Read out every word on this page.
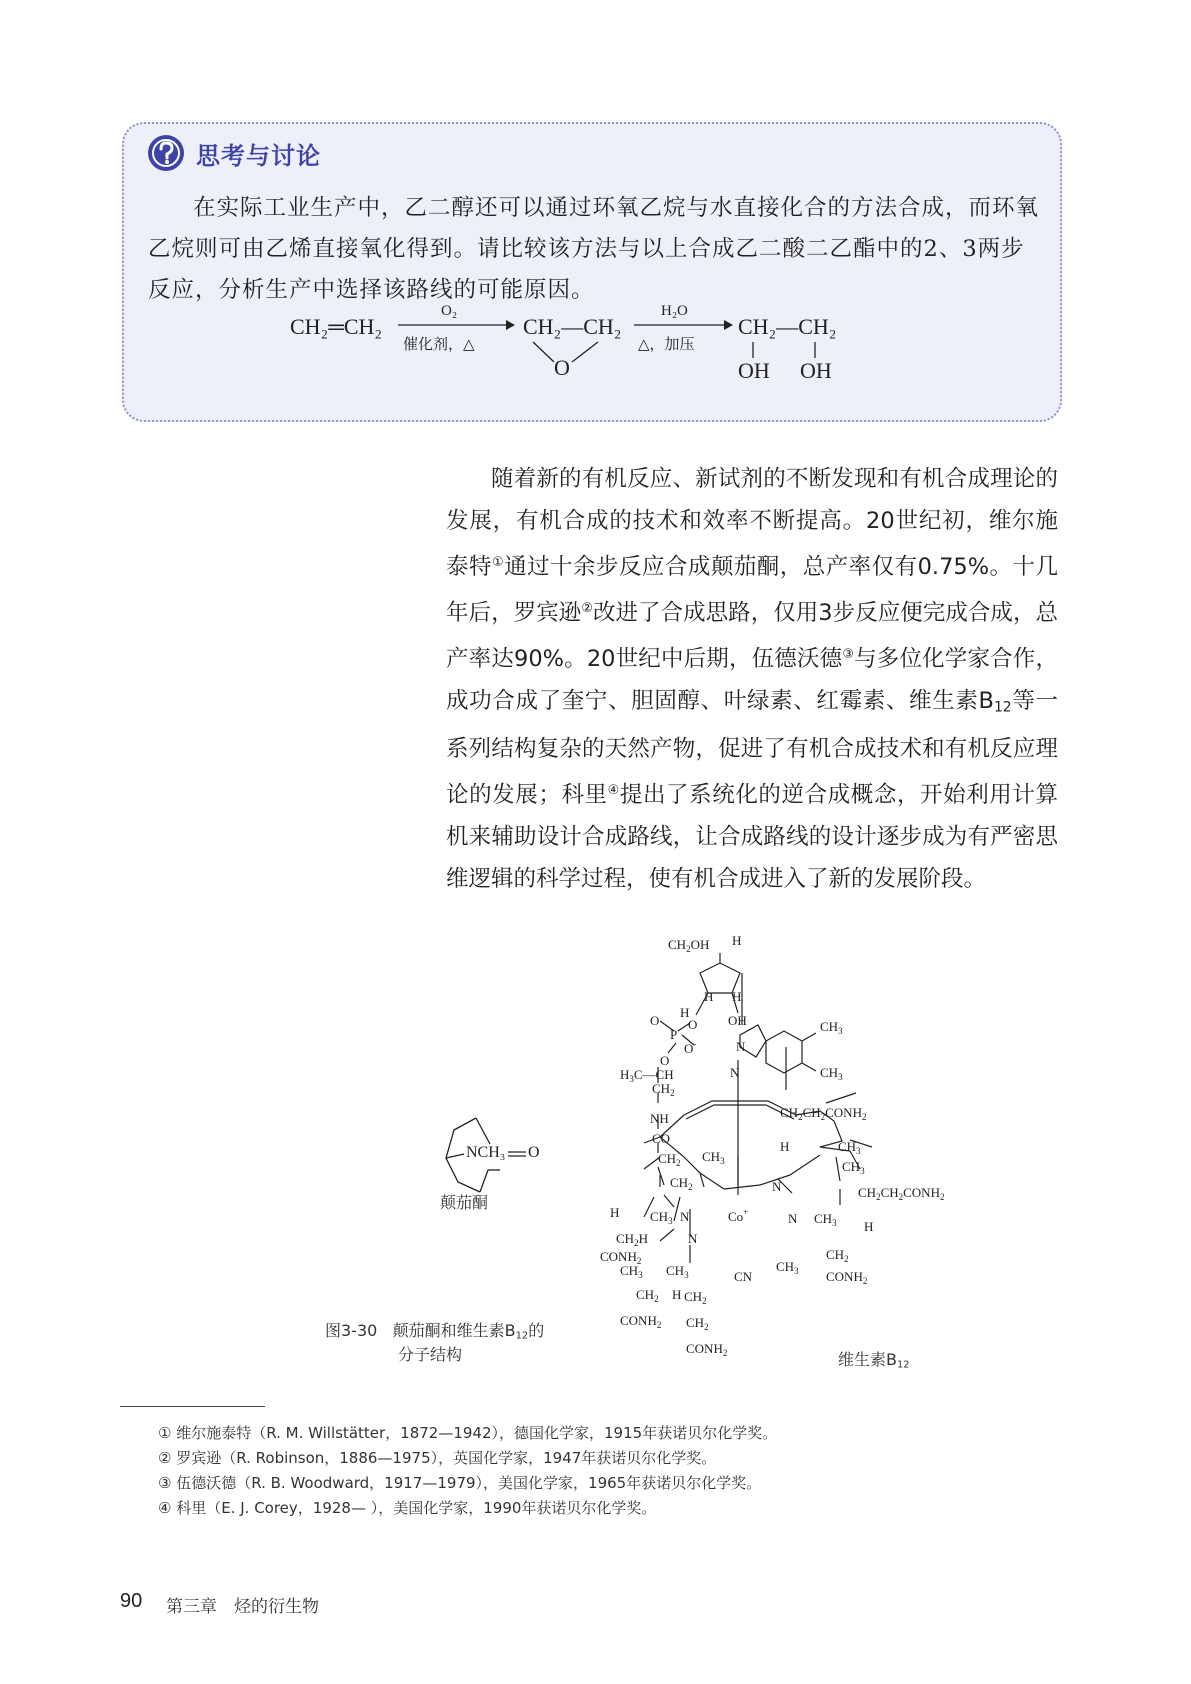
思考与讨论

在实际工业生产中，乙二醇还可以通过环氧乙烷与水直接化合的方法合成，而环氧乙烷则可由乙烯直接氧化得到。请比较该方法与以上合成乙二酸二乙酯中的2、3两步反应，分析生产中选择该路线的可能原因。

CH₂═CH₂
O₂
催化剂，△
CH₂—CH₂
O
H₂O
△，加压
CH₂—CH₂
OH OH

随着新的有机反应、新试剂的不断发现和有机合成理论的发展，有机合成的技术和效率不断提高。20世纪初，维尔施泰特①通过十余步反应合成颠茄酮，总产率仅有0.75%。十几年后，罗宾逊②改进了合成思路，仅用3步反应便完成合成，总产率达90%。20世纪中后期，伍德沃德③与多位化学家合作，成功合成了奎宁、胆固醇、叶绿素、红霉素、维生素$B_{12}$等一系列结构复杂的天然产物，促进了有机合成技术和有机反应理论的发展；科里④提出了系统化的逆合成概念，开始利用计算机来辅助设计合成路线，让合成路线的设计逐步成为有严密思维逻辑的科学过程，使有机合成进入了新的发展阶段。

NCH₃ O
颠茄酮
图3-30 颠茄酮和维生素$B_{12}$的
分子结构
$CH_2OH$
H H
H
H
O OH
O
P
O-
O
$H_3C—CH$
$CH_2$
NH
CO
$CH_2$
$CH_2$
N
N
$CH_3$
$CH_3$
$CH_2CH_2CONH_2$
$CH_3$
H	$CH_3$
$CH_3$
N	$CH_2CH_2CONH_2$
H $CH_3$ N	Co+	N $CH_3$ H
$CH_2H$	N
$CONH_2$	$CH_2$
$CH_3$ $CH_3$	CN
$CH_3$ $CONH_2$
$CH_2$ H $CH_2$
$CONH_2$ $CH_2$
$CONH_2$	维生素$B_{12}$
① 维尔施泰特（R. M. Willstätter，1872—1942），德国化学家，1915年获诺贝尔化学奖。
② 罗宾逊（R. Robinson，1886—1975），英国化学家，1947年获诺贝尔化学奖。
③ 伍德沃德（R. B. Woodward，1917—1979），美国化学家，1965年获诺贝尔化学奖。
④ 科里（E. J. Corey，1928— ），美国化学家，1990年获诺贝尔化学奖。
90 第三章　烃的衍生物
